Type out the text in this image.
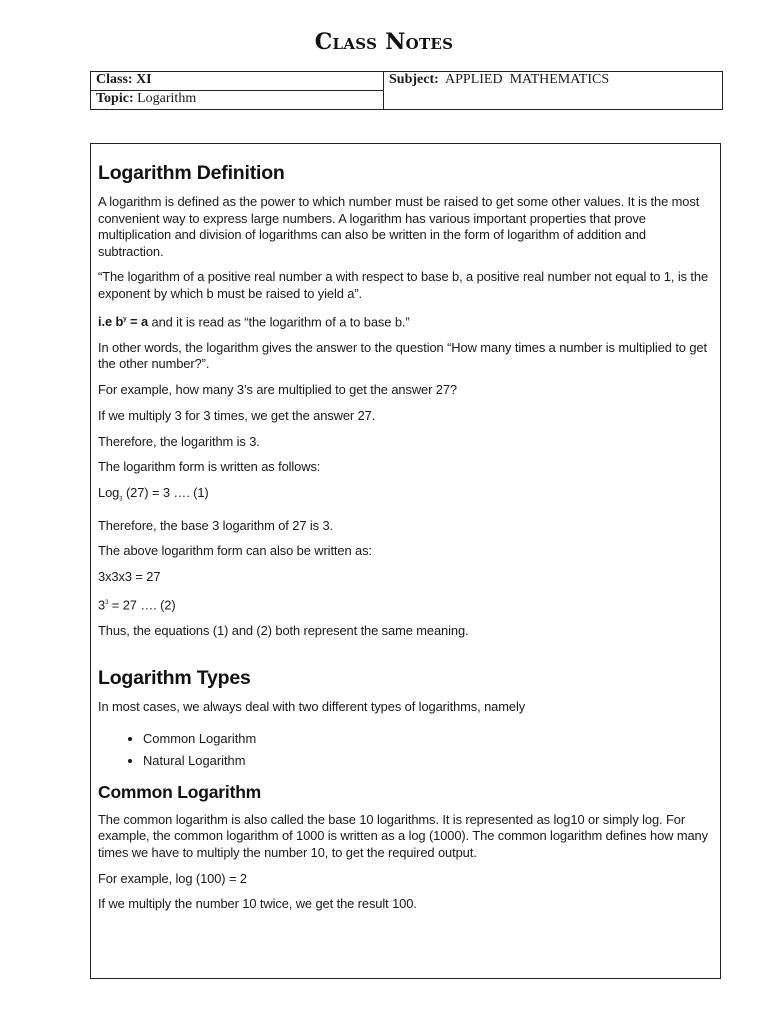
Class Notes
Class: XI	Subject: APPLIED  MATHEMATICS
Topic: Logarithm
Logarithm Definition

A logarithm is defined as the power to which number must be raised to get some other values. It is the most convenient way to express large numbers. A logarithm has various important properties that prove multiplication and division of logarithms can also be written in the form of logarithm of addition and subtraction.

“The logarithm of a positive real number a with respect to base b, a positive real number not equal to 1, is the exponent by which b must be raised to yield a”.

i.e $b^y = a$ and it is read as “the logarithm of a to base b.”

In other words, the logarithm gives the answer to the question “How many times a number is multiplied to get the other number?”.

For example, how many 3’s are multiplied to get the answer 27?

If we multiply 3 for 3 times, we get the answer 27.

Therefore, the logarithm is 3.

The logarithm form is written as follows:

Log$_3$ (27) = 3 …. (1)

Therefore, the base 3 logarithm of 27 is 3.

The above logarithm form can also be written as:

3x3x3 = 27

$3^3 = 27$ …. (2)

Thus, the equations (1) and (2) both represent the same meaning.

Logarithm Types

In most cases, we always deal with two different types of logarithms, namely

• Common Logarithm
• Natural Logarithm
Common Logarithm

The common logarithm is also called the base 10 logarithms. It is represented as log10 or simply log. For example, the common logarithm of 1000 is written as a log (1000). The common logarithm defines how many times we have to multiply the number 10, to get the required output.

For example, log (100) = 2

If we multiply the number 10 twice, we get the result 100.
